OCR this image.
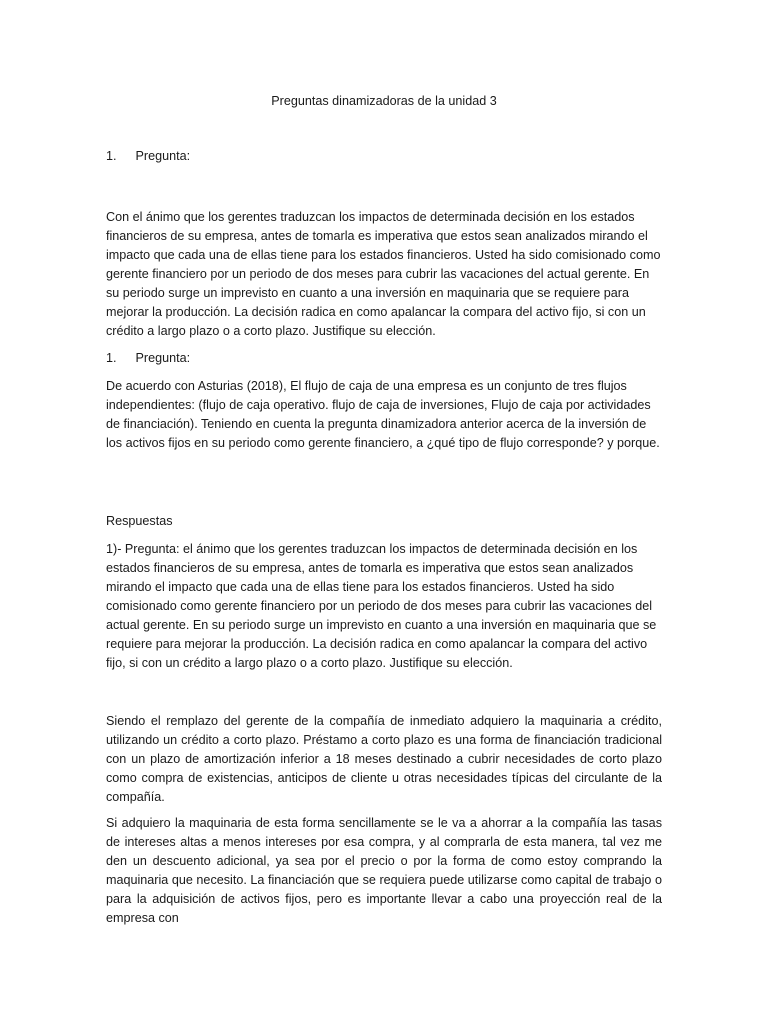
Preguntas dinamizadoras de la unidad 3
1. Pregunta:

Con el ánimo que los gerentes traduzcan los impactos de determinada decisión en los estados financieros de su empresa, antes de tomarla es imperativa que estos sean analizados mirando el impacto que cada una de ellas tiene para los estados financieros. Usted ha sido comisionado como gerente financiero por un periodo de dos meses para cubrir las vacaciones del actual gerente. En su periodo surge un imprevisto en cuanto a una inversión en maquinaria que se requiere para mejorar la producción. La decisión radica en como apalancar la compara del activo fijo, si con un crédito a largo plazo o a corto plazo. Justifique su elección.

1. Pregunta:

De acuerdo con Asturias (2018), El flujo de caja de una empresa es un conjunto de tres flujos independientes: (flujo de caja operativo. flujo de caja de inversiones, Flujo de caja por actividades de financiación). Teniendo en cuenta la pregunta dinamizadora anterior acerca de la inversión de los activos fijos en su periodo como gerente financiero, a ¿qué tipo de flujo corresponde? y porque.

Respuestas

1)- Pregunta: el ánimo que los gerentes traduzcan los impactos de determinada decisión en los estados financieros de su empresa, antes de tomarla es imperativa que estos sean analizados mirando el impacto que cada una de ellas tiene para los estados financieros. Usted ha sido comisionado como gerente financiero por un periodo de dos meses para cubrir las vacaciones del actual gerente. En su periodo surge un imprevisto en cuanto a una inversión en maquinaria que se requiere para mejorar la producción. La decisión radica en como apalancar la compara del activo fijo, si con un crédito a largo plazo o a corto plazo. Justifique su elección.

Siendo el remplazo del gerente de la compañía de inmediato adquiero la maquinaria a crédito, utilizando un crédito a corto plazo. Préstamo a corto plazo es una forma de financiación tradicional con un plazo de amortización inferior a 18 meses destinado a cubrir necesidades de corto plazo como compra de existencias, anticipos de cliente u otras necesidades típicas del circulante de la compañía.

Si adquiero la maquinaria de esta forma sencillamente se le va a ahorrar a la compañía las tasas de intereses altas a menos intereses por esa compra, y al comprarla de esta manera, tal vez me den un descuento adicional, ya sea por el precio o por la forma de como estoy comprando la maquinaria que necesito. La financiación que se requiera puede utilizarse como capital de trabajo o para la adquisición de activos fijos, pero es importante llevar a cabo una proyección real de la empresa con
